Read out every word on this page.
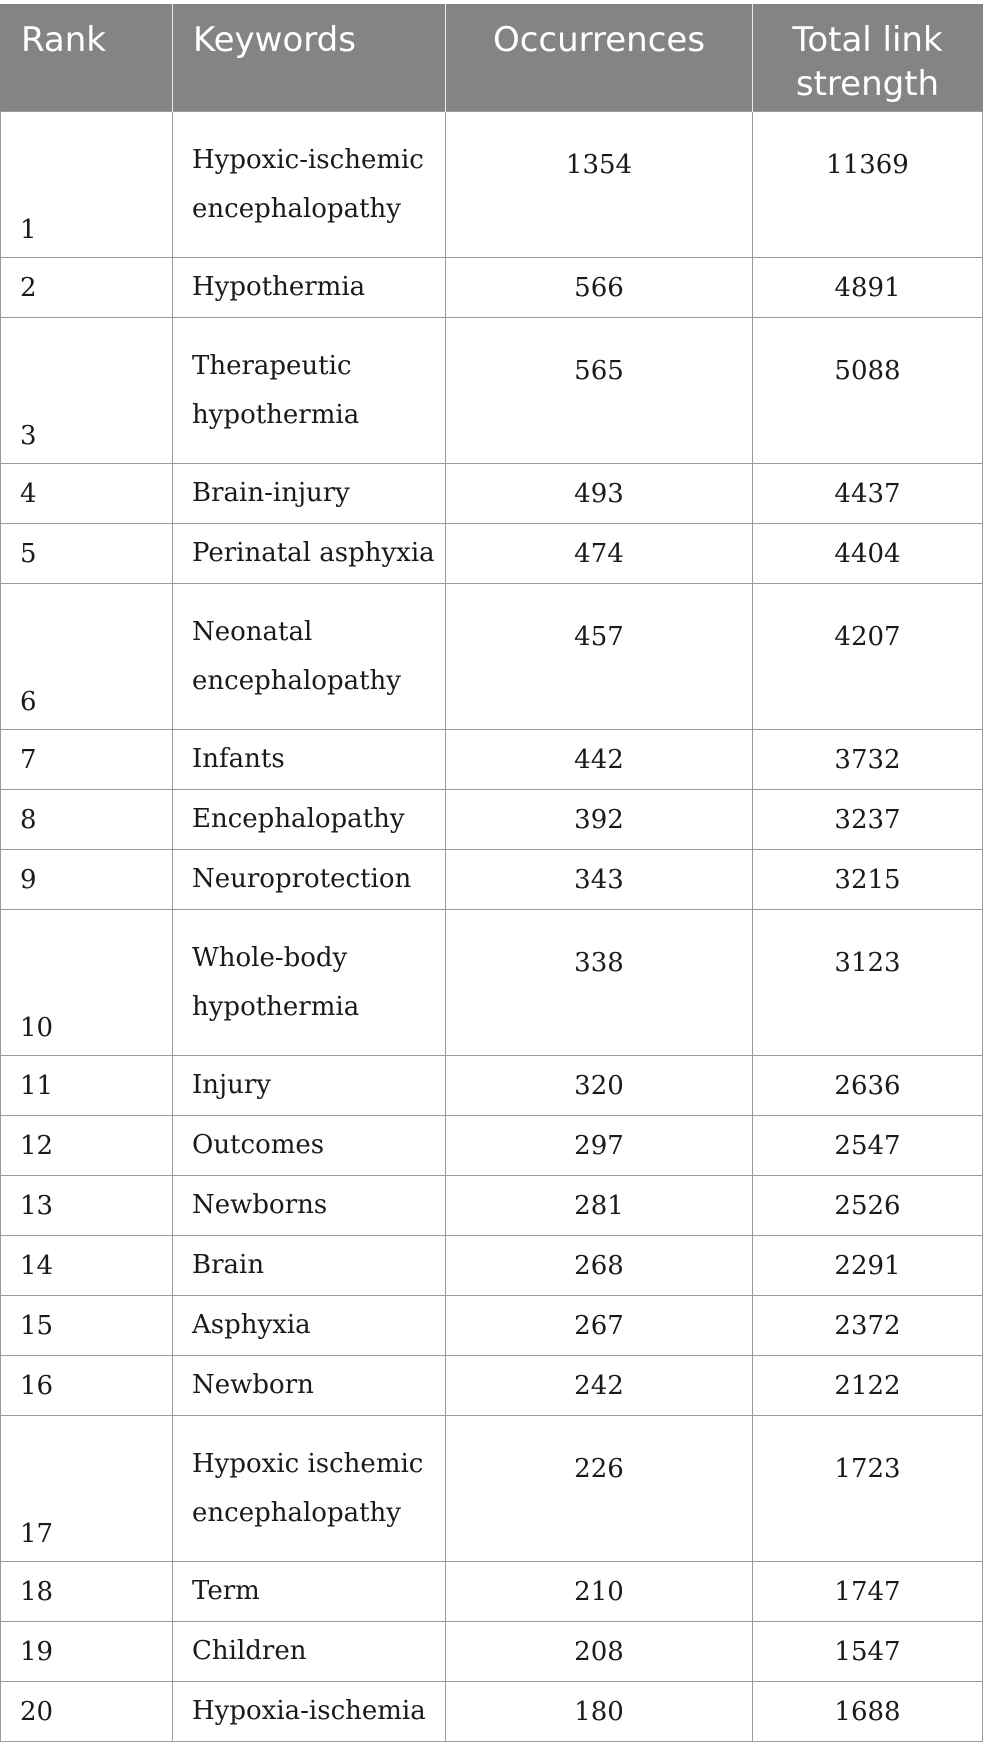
Rank	Keywords	Occurrences	Total link
strength

1	Hypoxic-ischemic
encephalopathy	1354	11369
2	Hypothermia	566	4891
3	Therapeutic
hypothermia	565	5088
4	Brain-injury	493	4437
5	Perinatal asphyxia	474	4404
6	Neonatal
encephalopathy	457	4207
7	Infants	442	3732
8	Encephalopathy	392	3237
9	Neuroprotection	343	3215
10	Whole-body
hypothermia	338	3123
11	Injury	320	2636
12	Outcomes	297	2547
13	Newborns	281	2526
14	Brain	268	2291
15	Asphyxia	267	2372
16	Newborn	242	2122
17	Hypoxic ischemic
encephalopathy	226	1723
18	Term	210	1747
19	Children	208	1547
20	Hypoxia-ischemia	180	1688
